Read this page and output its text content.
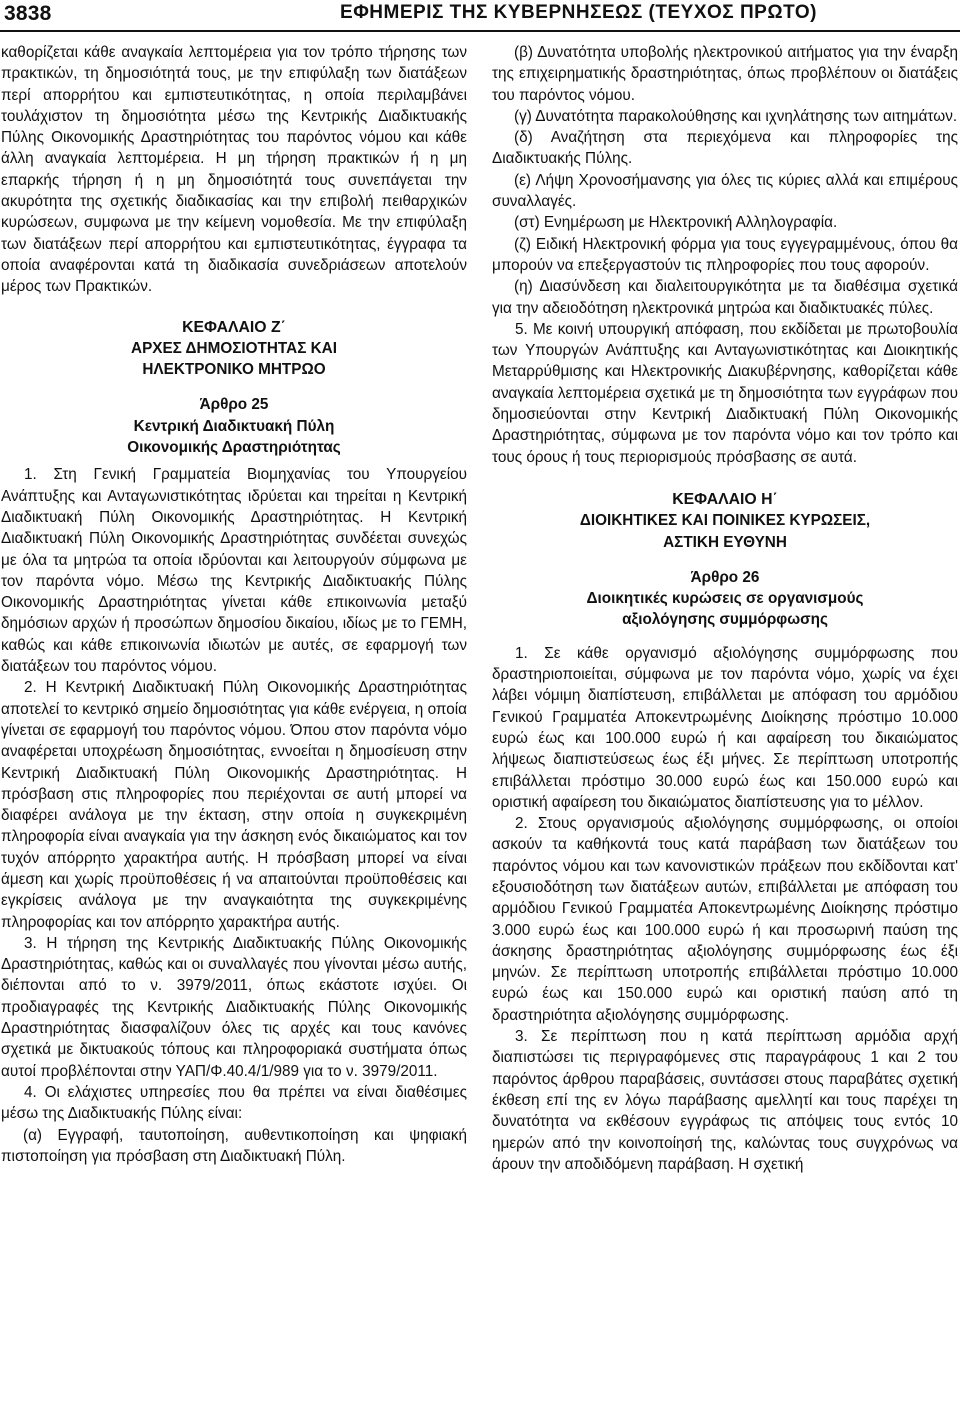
3838	ΕΦΗΜΕΡΙΣ ΤΗΣ ΚΥΒΕΡΝΗΣΕΩΣ (ΤΕΥΧΟΣ ΠΡΩΤΟ)

καθορίζεται κάθε αναγκαία λεπτομέρεια για τον τρόπο τήρησης των πρακτικών, τη δημοσιότητά τους, με την επιφύλαξη των διατάξεων περί απορρήτου και εμπιστευτικότητας, η οποία περιλαμβάνει τουλάχιστον τη δημοσιότητα μέσω της Κεντρικής Διαδικτυακής Πύλης Οικονομικής Δραστηριότητας του παρόντος νόμου και κάθε άλλη αναγκαία λεπτομέρεια. Η μη τήρηση πρακτικών ή η μη επαρκής τήρηση ή η μη δημοσιότητά τους συνεπάγεται την ακυρότητα της σχετικής διαδικασίας και την επιβολή πειθαρχικών κυρώσεων, συμφωνα με την κείμενη νομοθεσία. Με την επιφύλαξη των διατάξεων περί απορρήτου και εμπιστευτικότητας, έγγραφα τα οποία αναφέρονται κατά τη διαδικασία συνεδριάσεων αποτελούν μέρος των Πρακτικών.

ΚΕΦΑΛΑΙΟ Ζ΄

ΑΡΧΕΣ ΔΗΜΟΣΙΟΤΗΤΑΣ ΚΑΙ

ΗΛΕΚΤΡΟΝΙΚΟ ΜΗΤΡΩΟ

Άρθρο 25

Κεντρική Διαδικτυακή Πύλη

Οικονομικής Δραστηριότητας

1. Στη Γενική Γραμματεία Βιομηχανίας του Υπουργείου Ανάπτυξης και Ανταγωνιστικότητας ιδρύεται και τηρείται η Κεντρική Διαδικτυακή Πύλη Οικονομικής Δραστηριότητας. Η Κεντρική Διαδικτυακή Πύλη Οικονομικής Δραστηριότητας συνδέεται συνεχώς με όλα τα μητρώα τα οποία ιδρύονται και λειτουργούν σύμφωνα με τον παρόντα νόμο. Μέσω της Κεντρικής Διαδικτυακής Πύλης Οικονομικής Δραστηριότητας γίνεται κάθε επικοινωνία μεταξύ δημόσιων αρχών ή προσώπων δημοσίου δικαίου, ιδίως με το ΓΕΜΗ, καθώς και κάθε επικοινωνία ιδιωτών με αυτές, σε εφαρμογή των διατάξεων του παρόντος νόμου.

2. Η Κεντρική Διαδικτυακή Πύλη Οικονομικής Δραστηριότητας αποτελεί το κεντρικό σημείο δημοσιότητας για κάθε ενέργεια, η οποία γίνεται σε εφαρμογή του παρόντος νόμου. Όπου στον παρόντα νόμο αναφέρεται υποχρέωση δημοσιότητας, εννοείται η δημοσίευση στην Κεντρική Διαδικτυακή Πύλη Οικονομικής Δραστηριότητας. Η πρόσβαση στις πληροφορίες που περιέχονται σε αυτή μπορεί να διαφέρει ανάλογα με την έκταση, στην οποία η συγκεκριμένη πληροφορία είναι αναγκαία για την άσκηση ενός δικαιώματος και τον τυχόν απόρρητο χαρακτήρα αυτής. Η πρόσβαση μπορεί να είναι άμεση και χωρίς προϋποθέσεις ή να απαιτούνται προϋποθέσεις και εγκρίσεις ανάλογα με την αναγκαιότητα της συγκεκριμένης πληροφορίας και τον απόρρητο χαρακτήρα αυτής.

3. Η τήρηση της Κεντρικής Διαδικτυακής Πύλης Οικονομικής Δραστηριότητας, καθώς και οι συναλλαγές που γίνονται μέσω αυτής, διέπονται από το ν. 3979/2011, όπως εκάστοτε ισχύει. Οι προδιαγραφές της Κεντρικής Διαδικτυακής Πύλης Οικονομικής Δραστηριότητας διασφαλίζουν όλες τις αρχές και τους κανόνες σχετικά με δικτυακούς τόπους και πληροφοριακά συστήματα όπως αυτοί προβλέπονται στην ΥΑΠ/Φ.40.4/1/989 για το ν. 3979/2011.

4. Οι ελάχιστες υπηρεσίες που θα πρέπει να είναι διαθέσιμες μέσω της Διαδικτυακής Πύλης είναι:

(α) Εγγραφή, ταυτοποίηση, αυθεντικοποίηση και ψηφιακή πιστοποίηση για πρόσβαση στη Διαδικτυακή Πύλη.

(β) Δυνατότητα υποβολής ηλεκτρονικού αιτήματος για την έναρξη της επιχειρηματικής δραστηριότητας, όπως προβλέπουν οι διατάξεις του παρόντος νόμου.

(γ) Δυνατότητα παρακολούθησης και ιχνηλάτησης των αιτημάτων.

(δ) Αναζήτηση στα περιεχόμενα και πληροφορίες της Διαδικτυακής Πύλης.

(ε) Λήψη Χρονοσήμανσης για όλες τις κύριες αλλά και επιμέρους συναλλαγές.

(στ) Ενημέρωση με Ηλεκτρονική Αλληλογραφία.

(ζ) Ειδική Ηλεκτρονική φόρμα για τους εγγεγραμμένους, όπου θα μπορούν να επεξεργαστούν τις πληροφορίες που τους αφορούν.

(η) Διασύνδεση και διαλειτουργικότητα με τα διαθέσιμα σχετικά για την αδειοδότηση ηλεκτρονικά μητρώα και διαδικτυακές πύλες.

5. Με κοινή υπουργική απόφαση, που εκδίδεται με πρωτοβουλία των Υπουργών Ανάπτυξης και Ανταγωνιστικότητας και Διοικητικής Μεταρρύθμισης και Ηλεκτρονικής Διακυβέρνησης, καθορίζεται κάθε αναγκαία λεπτομέρεια σχετικά με τη δημοσιότητα των εγγράφων που δημοσιεύονται στην Κεντρική Διαδικτυακή Πύλη Οικονομικής Δραστηριότητας, σύμφωνα με τον παρόντα νόμο και τον τρόπο και τους όρους ή τους περιορισμούς πρόσβασης σε αυτά.

ΚΕΦΑΛΑΙΟ Η΄

ΔΙΟΙΚΗΤΙΚΕΣ ΚΑΙ ΠΟΙΝΙΚΕΣ ΚΥΡΩΣΕΙΣ,

ΑΣΤΙΚΗ ΕΥΘΥΝΗ

Άρθρο 26

Διοικητικές κυρώσεις σε οργανισμούς

αξιολόγησης συμμόρφωσης

1. Σε κάθε οργανισμό αξιολόγησης συμμόρφωσης που δραστηριοποιείται, σύμφωνα με τον παρόντα νόμο, χωρίς να έχει λάβει νόμιμη διαπίστευση, επιβάλλεται με απόφαση του αρμόδιου Γενικού Γραμματέα Αποκεντρωμένης Διοίκησης πρόστιμο 10.000 ευρώ έως και 100.000 ευρώ ή και αφαίρεση του δικαιώματος λήψεως διαπιστεύσεως έως έξι μήνες. Σε περίπτωση υποτροπής επιβάλλεται πρόστιμο 30.000 ευρώ έως και 150.000 ευρώ και οριστική αφαίρεση του δικαιώματος διαπίστευσης για το μέλλον.

2. Στους οργανισμούς αξιολόγησης συμμόρφωσης, οι οποίοι ασκούν τα καθήκοντά τους κατά παράβαση των διατάξεων του παρόντος νόμου και των κανονιστικών πράξεων που εκδίδονται κατ' εξουσιοδότηση των διατάξεων αυτών, επιβάλλεται με απόφαση του αρμόδιου Γενικού Γραμματέα Αποκεντρωμένης Διοίκησης πρόστιμο 3.000 ευρώ έως και 100.000 ευρώ ή και προσωρινή παύση της άσκησης δραστηριότητας αξιολόγησης συμμόρφωσης έως έξι μηνών. Σε περίπτωση υποτροπής επιβάλλεται πρόστιμο 10.000 ευρώ έως και 150.000 ευρώ και οριστική παύση από τη δραστηριότητα αξιολόγησης συμμόρφωσης.

3. Σε περίπτωση που η κατά περίπτωση αρμόδια αρχή διαπιστώσει τις περιγραφόμενες στις παραγράφους 1 και 2 του παρόντος άρθρου παραβάσεις, συντάσσει στους παραβάτες σχετική έκθεση επί της εν λόγω παράβασης αμελλητί και τους παρέχει τη δυνατότητα να εκθέσουν εγγράφως τις απόψεις τους εντός 10 ημερών από την κοινοποίησή της, καλώντας τους συγχρόνως να άρουν την αποδιδόμενη παράβαση. Η σχετική
